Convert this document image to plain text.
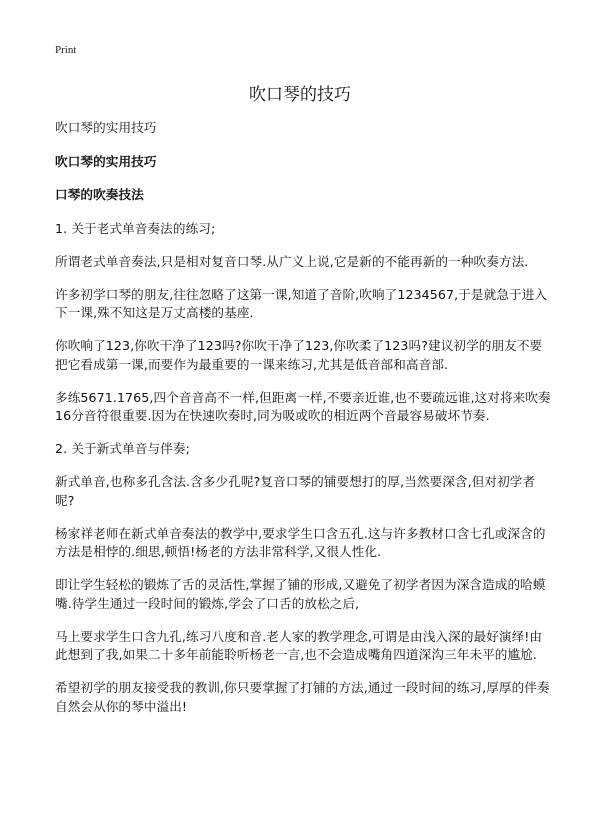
Print
吹口琴的技巧

吹口琴的实用技巧

吹口琴的实用技巧

口琴的吹奏技法

1. 关于老式单音奏法的练习;

所谓老式单音奏法,只是相对复音口琴.从广义上说,它是新的不能再新的一种吹奏方法.

许多初学口琴的朋友,往往忽略了这第一课,知道了音阶,吹响了1234567,于是就急于进入下一课,殊不知这是万丈高楼的基座.

你吹响了123,你吹干净了123吗?你吹干净了123,你吹柔了123吗?建议初学的朋友不要把它看成第一课,而要作为最重要的一课来练习,尤其是低音部和高音部.

多练5671.1765,四个音音高不一样,但距离一样,不要亲近谁,也不要疏远谁,这对将来吹奏16分音符很重要.因为在快速吹奏时,同为吸或吹的相近两个音最容易破坏节奏.

2. 关于新式单音与伴奏;

新式单音,也称多孔含法.含多少孔呢?复音口琴的铺要想打的厚,当然要深含,但对初学者呢?

杨家祥老师在新式单音奏法的教学中,要求学生口含五孔.这与许多教材口含七孔或深含的方法是相悖的.细思,顿悟!杨老的方法非常科学,又很人性化.

即让学生轻松的锻炼了舌的灵活性,掌握了铺的形成,又避免了初学者因为深含造成的哈蟆嘴.待学生通过一段时间的锻炼,学会了口舌的放松之后,

马上要求学生口含九孔,练习八度和音.老人家的教学理念,可谓是由浅入深的最好演绎!由此想到了我,如果二十多年前能聆听杨老一言,也不会造成嘴角四道深沟三年未平的尴尬.

希望初学的朋友接受我的教训,你只要掌握了打铺的方法,通过一段时间的练习,厚厚的伴奏自然会从你的琴中溢出!
